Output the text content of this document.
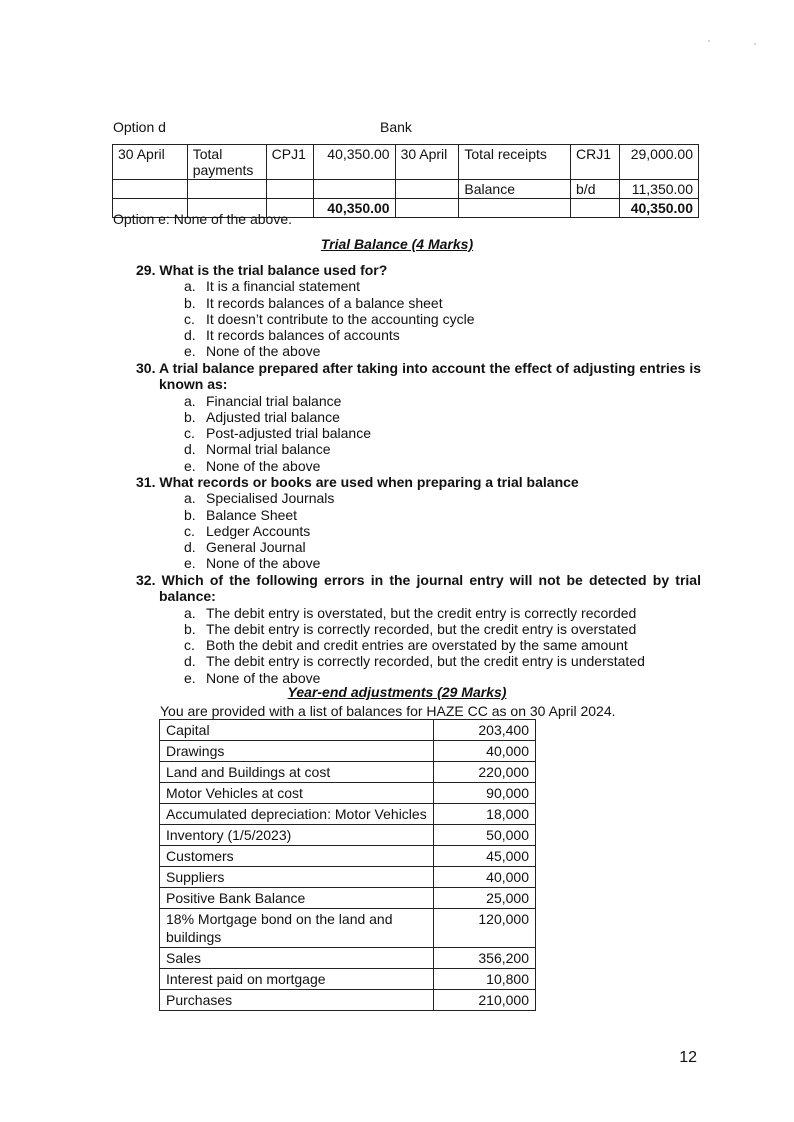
Option d	Bank
30 April	Total payments	CPJ1	40,350.00	30 April	Total receipts	CRJ1	29,000.00
					Balance	b/d	11,350.00
			40,350.00				40,350.00
Option e: None of the above.
Trial Balance (4 Marks)
29. What is the trial balance used for?
a. It is a financial statement
b. It records balances of a balance sheet
c. It doesn’t contribute to the accounting cycle
d. It records balances of accounts
e. None of the above
30. A trial balance prepared after taking into account the effect of adjusting entries is known as:
a. Financial trial balance
b. Adjusted trial balance
c. Post-adjusted trial balance
d. Normal trial balance
e. None of the above
31. What records or books are used when preparing a trial balance
a. Specialised Journals
b. Balance Sheet
c. Ledger Accounts
d. General Journal
e. None of the above
32. Which of the following errors in the journal entry will not be detected by trial balance:
a. The debit entry is overstated, but the credit entry is correctly recorded
b. The debit entry is correctly recorded, but the credit entry is overstated
c. Both the debit and credit entries are overstated by the same amount
d. The debit entry is correctly recorded, but the credit entry is understated
e. None of the above
Year-end adjustments (29 Marks)
You are provided with a list of balances for HAZE CC as on 30 April 2024.
Capital	203,400
Drawings	40,000
Land and Buildings at cost	220,000
Motor Vehicles at cost	90,000
Accumulated depreciation: Motor Vehicles	18,000
Inventory (1/5/2023)	50,000
Customers	45,000
Suppliers	40,000
Positive Bank Balance	25,000
18% Mortgage bond on the land and buildings	120,000
Sales	356,200
Interest paid on mortgage	10,800
Purchases	210,000
12
